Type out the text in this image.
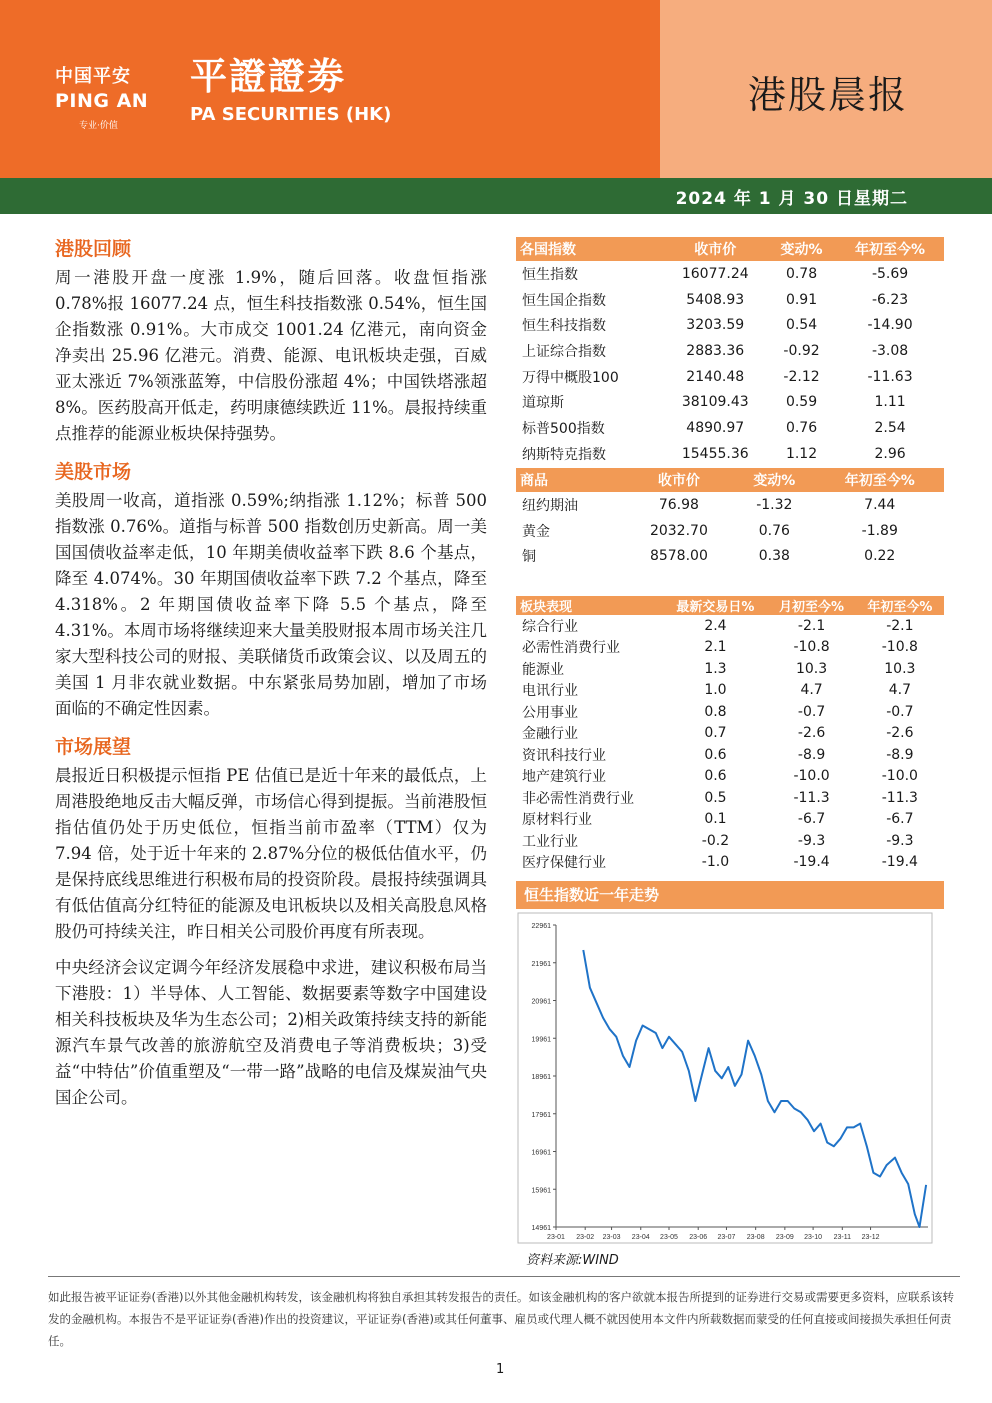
中国平安
PING AN
专业·价值
平證證劵
PA SECURITIES (HK)	港股晨报
2024 年 1 月 30 日星期二
港股回顾

周一港股开盘一度涨 1.9%，随后回落。收盘恒指涨 0.78%报 16077.24 点，恒生科技指数涨 0.54%，恒生国企指数涨 0.91%。大市成交 1001.24 亿港元，南向资金净卖出 25.96 亿港元。消费、能源、电讯板块走强，百威亚太涨近 7%领涨蓝筹，中信股份涨超 4%；中国铁塔涨超 8%。医药股高开低走，药明康德续跌近 11%。晨报持续重点推荐的能源业板块保持强势。

美股市场

美股周一收高，道指涨 0.59%;纳指涨 1.12%；标普 500 指数涨 0.76%。道指与标普 500 指数创历史新高。周一美国国债收益率走低，10 年期美债收益率下跌 8.6 个基点，降至 4.074%。30 年期国债收益率下跌 7.2 个基点，降至 4.318%。2 年期国债收益率下降 5.5 个基点，降至 4.31%。本周市场将继续迎来大量美股财报本周市场关注几家大型科技公司的财报、美联储货币政策会议、以及周五的美国 1 月非农就业数据。中东紧张局势加剧，增加了市场面临的不确定性因素。

市场展望

晨报近日积极提示恒指 PE 估值已是近十年来的最低点，上周港股绝地反击大幅反弹，市场信心得到提振。当前港股恒指估值仍处于历史低位，恒指当前市盈率（TTM）仅为 7.94 倍，处于近十年来的 2.87%分位的极低估值水平，仍是保持底线思维进行积极布局的投资阶段。晨报持续强调具有低估值高分红特征的能源及电讯板块以及相关高股息风格股仍可持续关注，昨日相关公司股价再度有所表现。

中央经济会议定调今年经济发展稳中求进，建议积极布局当下港股：1）半导体、人工智能、数据要素等数字中国建设相关科技板块及华为生态公司；2)相关政策持续支持的新能源汽车景气改善的旅游航空及消费电子等消费板块；3)受益“中特估”价值重塑及“一带一路”战略的电信及煤炭油气央国企公司。

各国指数	收市价	变动%	年初至今%
恒生指数	16077.24	0.78	-5.69
恒生国企指数	5408.93	0.91	-6.23
恒生科技指数	3203.59	0.54	-14.90
上证综合指数	2883.36	-0.92	-3.08
万得中概股100	2140.48	-2.12	-11.63
道琼斯	38109.43	0.59	1.11
标普500指数	4890.97	0.76	2.54
纳斯特克指数	15455.36	1.12	2.96
商品	收市价	变动%	年初至今%
纽约期油	76.98	-1.32	7.44
黄金	2032.70	0.76	-1.89
铜	8578.00	0.38	0.22
板块表现	最新交易日%	月初至今%	年初至今%
综合行业	2.4	-2.1	-2.1
必需性消费行业	2.1	-10.8	-10.8
能源业	1.3	10.3	10.3
电讯行业	1.0	4.7	4.7
公用事业	0.8	-0.7	-0.7
金融行业	0.7	-2.6	-2.6
资讯科技行业	0.6	-8.9	-8.9
地产建筑行业	0.6	-10.0	-10.0
非必需性消费行业	0.5	-11.3	-11.3
原材料行业	0.1	-6.7	-6.7
工业行业	-0.2	-9.3	-9.3
医疗保健行业	-1.0	-19.4	-19.4
恒生指数近一年走势
14961
15961
16961
17961
18961
19961
20961
21961
22961
23-01 23-02 23-03 23-04 23-05 23-06 23-07 23-08 23-09 23-10 23-11 23-12
资料来源:WIND
如此报告被平证证券(香港)以外其他金融机构转发，该金融机构将独自承担其转发报告的责任。如该金融机构的客户欲就本报告所提到的证券进行交易或需要更多资料，应联系该转发的金融机构。本报告不是平证证券(香港)作出的投资建议，平证证券(香港)或其任何董事、雇员或代理人概不就因使用本文件内所载数据而蒙受的任何直接或间接损失承担任何责任。
1
